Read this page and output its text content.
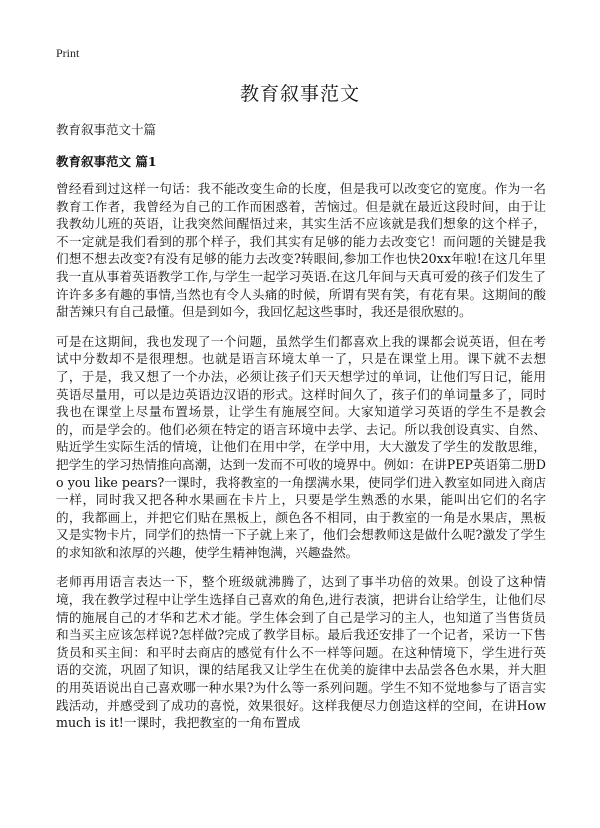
Print
教育叙事范文

教育叙事范文十篇

教育叙事范文 篇1

曾经看到过这样一句话：我不能改变生命的长度，但是我可以改变它的宽度。作为一名教育工作者，我曾经为自己的工作而困惑着，苦恼过。但是就在最近这段时间，由于让我教幼儿班的英语，让我突然间醒悟过来，其实生活不应该就是我们想象的这个样子，不一定就是我们看到的那个样子，我们其实有足够的能力去改变它！而问题的关键是我们想不想去改变?有没有足够的能力去改变?转眼间,参加工作也快20xx年啦!在这几年里我一直从事着英语教学工作,与学生一起学习英语.在这几年间与天真可爱的孩子们发生了许许多多有趣的事情,当然也有令人头痛的时候，所谓有哭有笑，有花有果。这期间的酸甜苦辣只有自己最懂。但是到如今，我回忆起这些事时，我还是很欣慰的。

可是在这期间，我也发现了一个问题，虽然学生们都喜欢上我的课都会说英语，但在考试中分数却不是很理想。也就是语言环境太单一了，只是在课堂上用。课下就不去想了，于是，我又想了一个办法，必须让孩子们天天想学过的单词，让他们写日记，能用英语尽量用，可以是边英语边汉语的形式。这样时间久了，孩子们的单词量多了，同时我也在课堂上尽量布置场景，让学生有施展空间。大家知道学习英语的学生不是教会的，而是学会的。他们必须在特定的语言环境中去学、去记。所以我创设真实、自然、贴近学生实际生活的情境，让他们在用中学，在学中用，大大激发了学生的发散思维，把学生的学习热情推向高潮，达到一发而不可收的境界中。例如：在讲PEP英语第二册Do you like pears?一课时，我将教室的一角摆满水果，使同学们进入教室如同进入商店一样，同时我又把各种水果画在卡片上，只要是学生熟悉的水果，能叫出它们的名字的，我都画上，并把它们贴在黑板上，颜色各不相同，由于教室的一角是水果店，黑板又是实物卡片，同学们的热情一下子就上来了，他们会想教师这是做什么呢?激发了学生的求知欲和浓厚的兴趣，使学生精神饱满，兴趣盎然。

老师再用语言表达一下，整个班级就沸腾了，达到了事半功倍的效果。创设了这种情境，我在教学过程中让学生选择自己喜欢的角色,进行表演，把讲台让给学生，让他们尽情的施展自己的才华和艺术才能。学生体会到了自己是学习的主人，也知道了当售货员和当买主应该怎样说?怎样做?完成了教学目标。最后我还安排了一个记者，采访一下售货员和买主间：和平时去商店的感觉有什么不一样等问题。在这种情境下，学生进行英语的交流，巩固了知识，课的结尾我又让学生在优美的旋律中去品尝各色水果，并大胆的用英语说出自己喜欢哪一种水果?为什么等一系列问题。学生不知不觉地参与了语言实践活动，并感受到了成功的喜悦，效果很好。这样我便尽力创造这样的空间，在讲How much is it!一课时，我把教室的一角布置成
